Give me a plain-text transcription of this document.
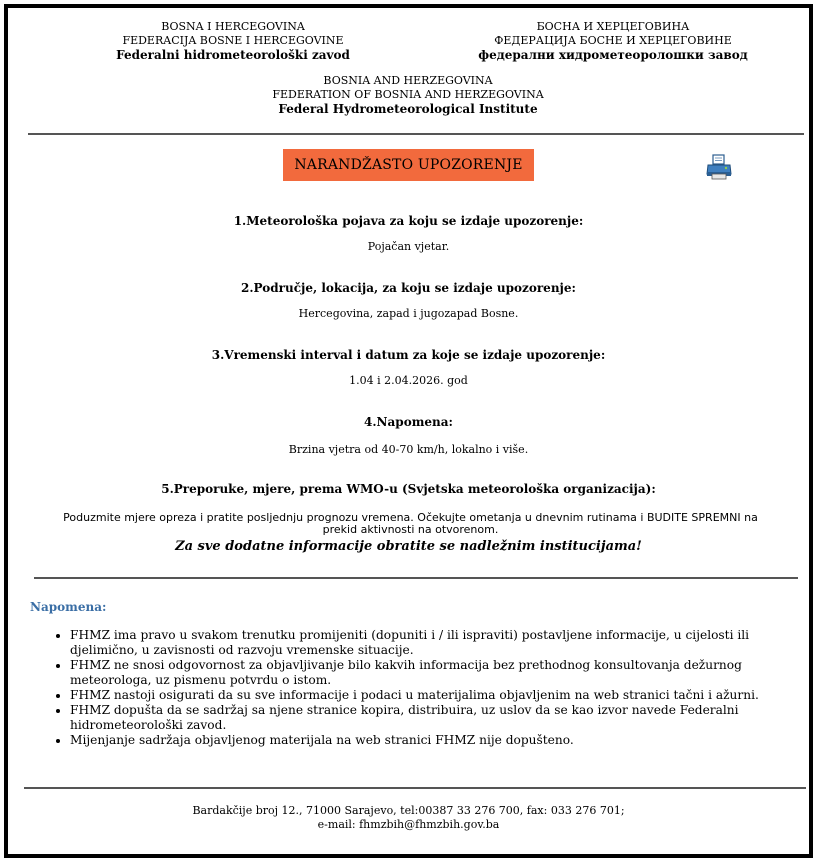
BOSNA I HERCEGOVINA
FEDERACIJA BOSNE I HERCEGOVINE
Federalni hidrometeorološki zavod
БОСНА И ХЕРЦЕГОВИНА
ФЕДЕРАЦИЈА БОСНЕ И ХЕРЦЕГОВИНЕ
федерални хидрометеоролошки завод
BOSNIA AND HERZEGOVINA
FEDERATION OF BOSNIA AND HERZEGOVINA
Federal Hydrometeorological Institute
NARANDŽASTO UPOZORENJE
1.Meteorološka pojava za koju se izdaje upozorenje:
Pojačan vjetar.
2.Područje, lokacija, za koju se izdaje upozorenje:
Hercegovina, zapad i jugozapad Bosne.
3.Vremenski interval i datum za koje se izdaje upozorenje:
1.04 i 2.04.2026. god
4.Napomena:
Brzina vjetra od 40-70 km/h, lokalno i više.
5.Preporuke, mjere, prema WMO-u (Svjetska meteorološka organizacija):
Poduzmite mjere opreza i pratite posljednju prognozu vremena. Očekujte ometanja u dnevnim rutinama i BUDITE SPREMNI na prekid aktivnosti na otvorenom.
Za sve dodatne informacije obratite se nadležnim institucijama!
Napomena:
• FHMZ ima pravo u svakom trenutku promijeniti (dopuniti i / ili ispraviti) postavljene informacije, u cijelosti ili djelimično, u zavisnosti od razvoju vremenske situacije.
• FHMZ ne snosi odgovornost za objavljivanje bilo kakvih informacija bez prethodnog konsultovanja dežurnog meteorologa, uz pismenu potvrdu o istom.
• FHMZ nastoji osigurati da su sve informacije i podaci u materijalima objavljenim na web stranici tačni i ažurni.
• FHMZ dopušta da se sadržaj sa njene stranice kopira, distribuira, uz uslov da se kao izvor navede Federalni hidrometeorološki zavod.
• Mijenjanje sadržaja objavljenog materijala na web stranici FHMZ nije dopušteno.
Bardakčije broj 12., 71000 Sarajevo, tel:00387 33 276 700, fax: 033 276 701;
e-mail: fhmzbih@fhmzbih.gov.ba
